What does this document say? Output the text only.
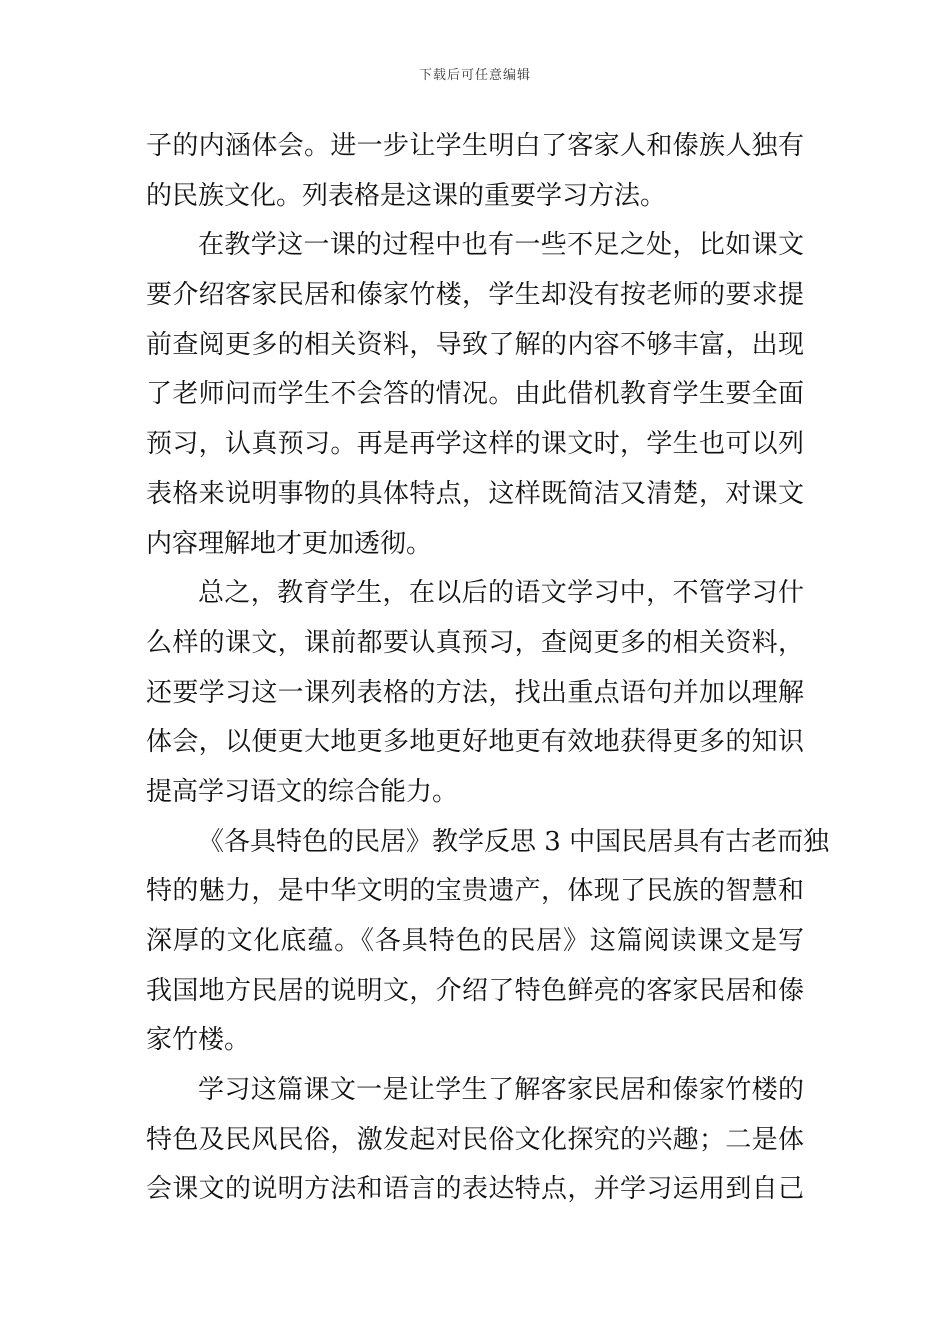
下载后可任意编辑
子的内涵体会。进一步让学生明白了客家人和傣族人独有
的民族文化。列表格是这课的重要学习方法。
在教学这一课的过程中也有一些不足之处，比如课文
要介绍客家民居和傣家竹楼，学生却没有按老师的要求提
前查阅更多的相关资料，导致了解的内容不够丰富，出现
了老师问而学生不会答的情况。由此借机教育学生要全面
预习，认真预习。再是再学这样的课文时，学生也可以列
表格来说明事物的具体特点，这样既简洁又清楚，对课文
内容理解地才更加透彻。
总之，教育学生，在以后的语文学习中，不管学习什
么样的课文，课前都要认真预习，查阅更多的相关资料，
还要学习这一课列表格的方法，找出重点语句并加以理解
体会，以便更大地更多地更好地更有效地获得更多的知识
提高学习语文的综合能力。
《各具特色的民居》教学反思 3 中国民居具有古老而独
特的魅力，是中华文明的宝贵遗产，体现了民族的智慧和
深厚的文化底蕴。《各具特色的民居》这篇阅读课文是写
我国地方民居的说明文，介绍了特色鲜亮的客家民居和傣
家竹楼。
学习这篇课文一是让学生了解客家民居和傣家竹楼的
特色及民风民俗，激发起对民俗文化探究的兴趣；二是体
会课文的说明方法和语言的表达特点，并学习运用到自己
